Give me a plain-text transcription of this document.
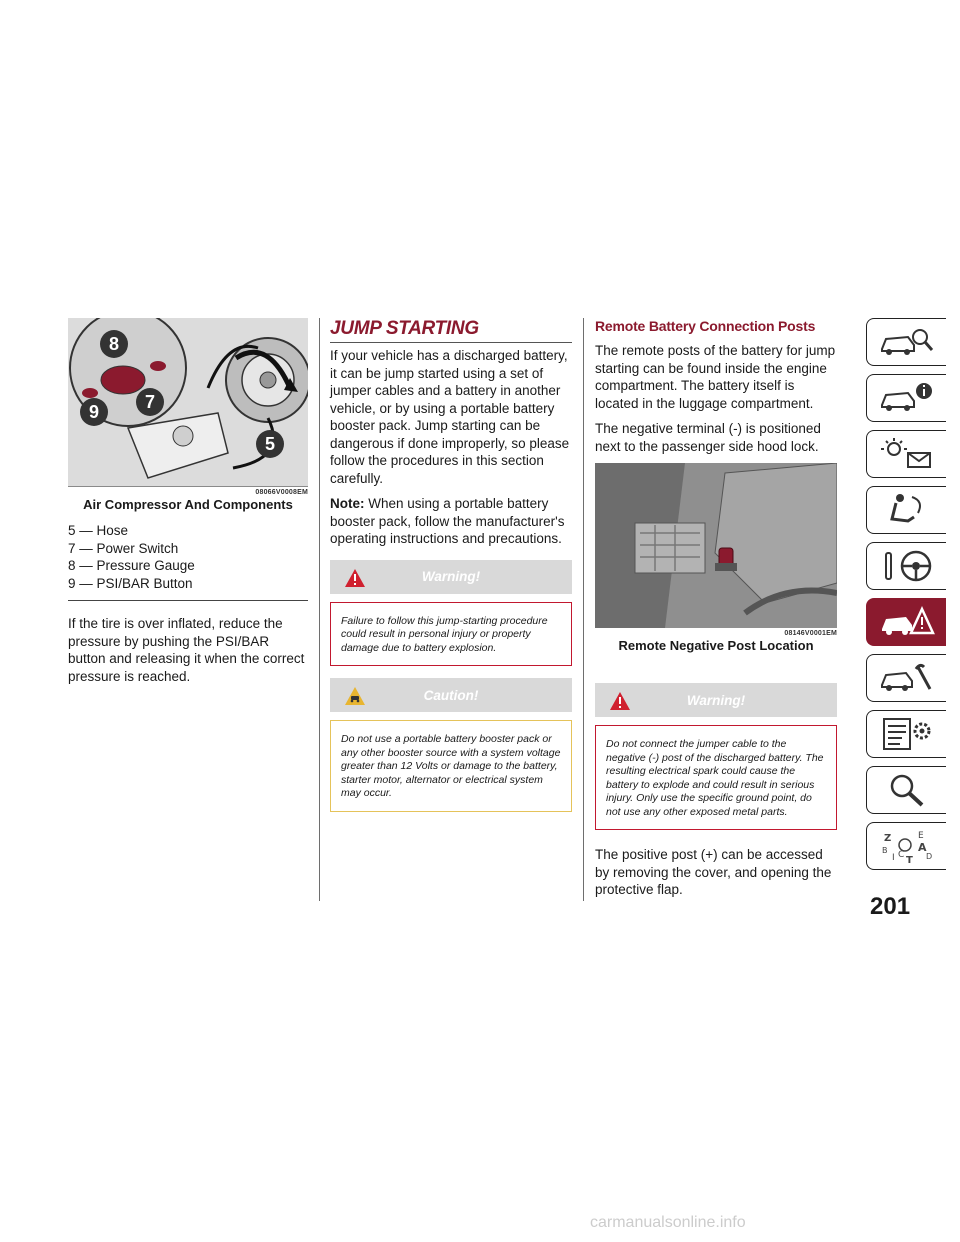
8
9	7
5
08066V0008EM
Air Compressor And Components
5 — Hose
7 — Power Switch
8 — Pressure Gauge
9 — PSI/BAR Button

If the tire is over inflated, reduce the pressure by pushing the PSI/BAR button and releasing it when the correct pressure is reached.

JUMP STARTING

If your vehicle has a discharged battery, it can be jump started using a set of jumper cables and a battery in another vehicle, or by using a portable battery booster pack. Jump starting can be dangerous if done improperly, so please follow the procedures in this section carefully.

Note: When using a portable battery booster pack, follow the manufacturer's operating instructions and precautions.

Warning!
Failure to follow this jump-starting procedure could result in personal injury or property damage due to battery explosion.
Caution!
Do not use a portable battery booster pack or any other booster source with a system voltage greater than 12 Volts or damage to the battery, starter motor, alternator or electrical system may occur.
Remote Battery Connection Posts

The remote posts of the battery for jump starting can be found inside the engine compartment. The battery itself is located in the luggage compartment.

The negative terminal (-) is positioned next to the passenger side hood lock.

08146V0001EM
Remote Negative Post Location
Warning!
Do not connect the jumper cable to the negative (-) post of the discharged battery. The resulting electrical spark could cause the battery to explode and could result in serious injury. Only use the specific ground point, do not use any other exposed metal parts.

The positive post (+) can be accessed by removing the cover, and opening the protective flap.

Z	E
B	A
I C T D
201
carmanualsonline.info
